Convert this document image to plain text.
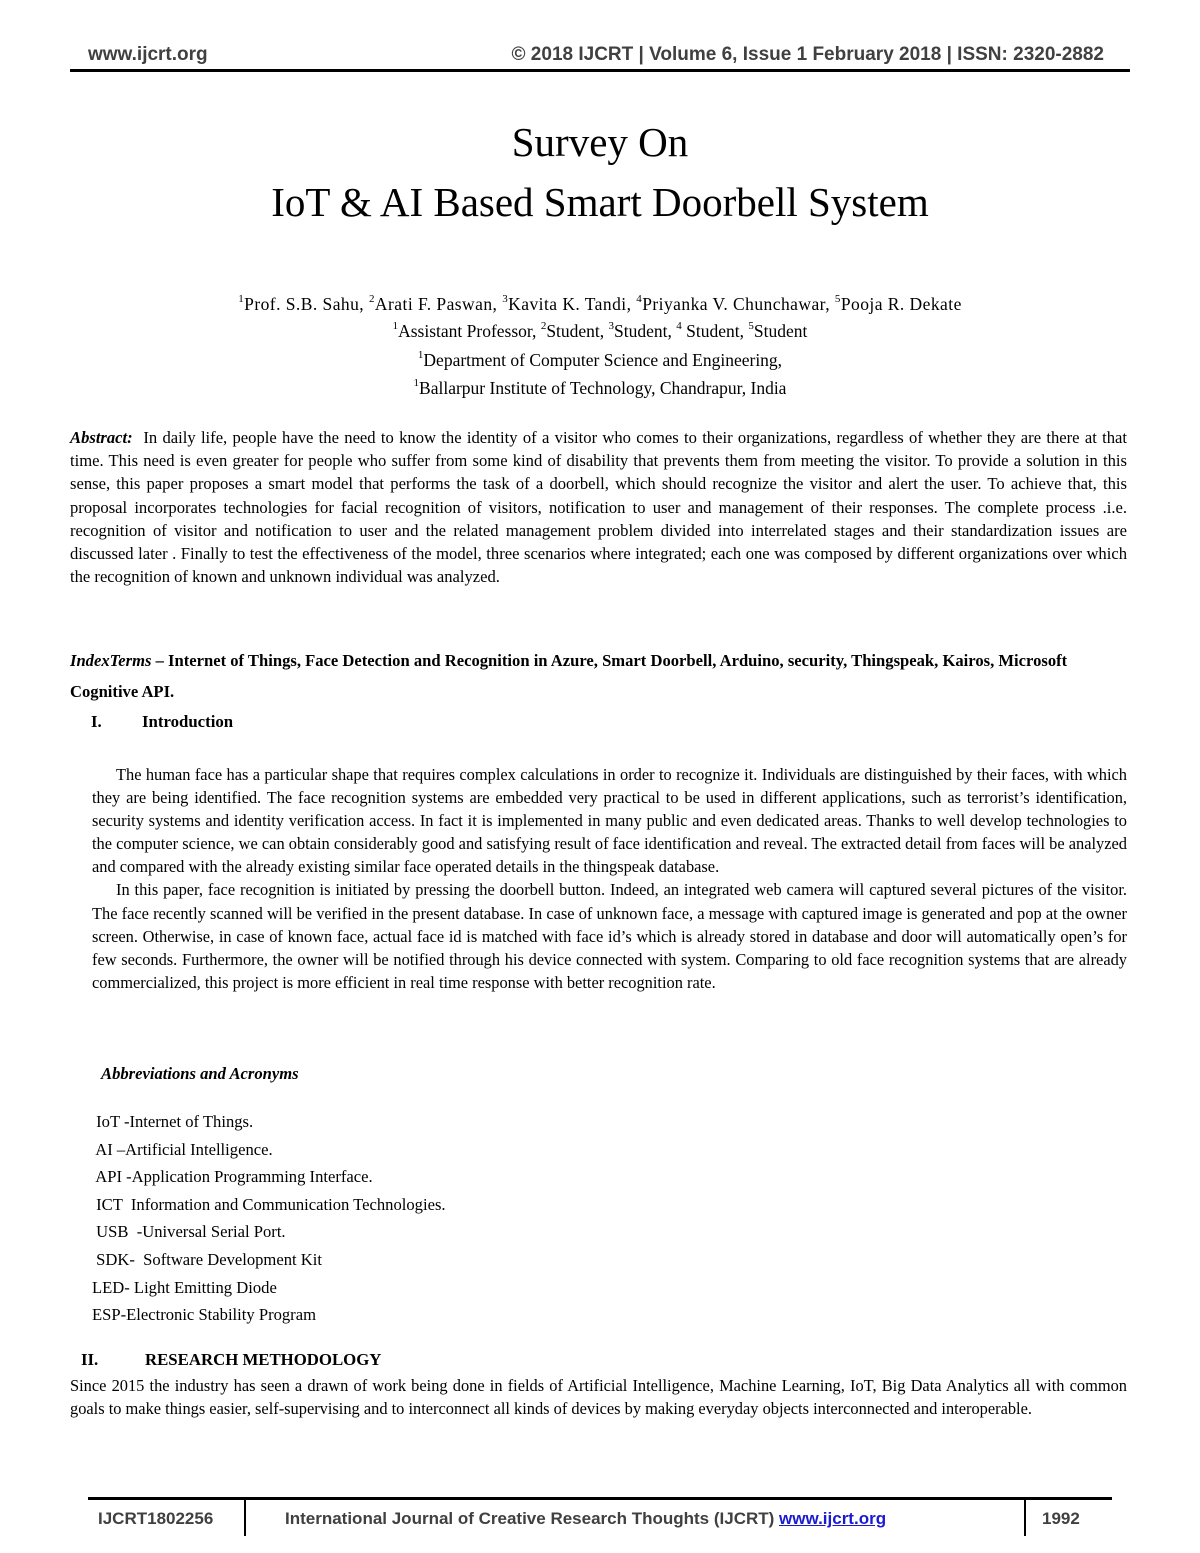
www.ijcrt.org	© 2018 IJCRT | Volume 6, Issue 1 February 2018 | ISSN: 2320-2882
Survey On
IoT & AI Based Smart Doorbell System
$^1$Prof. S.B. Sahu, $^2$Arati F. Paswan, $^3$Kavita K. Tandi, $^4$Priyanka V. Chunchawar, $^5$Pooja R. Dekate
$^1$Assistant Professor, $^2$Student, $^3$Student, $^4$ Student, $^5$Student
$^1$Department of Computer Science and Engineering,
$^1$Ballarpur Institute of Technology, Chandrapur, India
Abstract: In daily life, people have the need to know the identity of a visitor who comes to their organizations, regardless of whether they are there at that time. This need is even greater for people who suffer from some kind of disability that prevents them from meeting the visitor. To provide a solution in this sense, this paper proposes a smart model that performs the task of a doorbell, which should recognize the visitor and alert the user. To achieve that, this proposal incorporates technologies for facial recognition of visitors, notification to user and management of their responses. The complete process .i.e. recognition of visitor and notification to user and the related management problem divided into interrelated stages and their standardization issues are discussed later . Finally to test the effectiveness of the model, three scenarios where integrated; each one was composed by different organizations over which the recognition of known and unknown individual was analyzed.
IndexTerms – Internet of Things, Face Detection and Recognition in Azure, Smart Doorbell, Arduino, security, Thingspeak, Kairos, Microsoft Cognitive API.
I. Introduction

The human face has a particular shape that requires complex calculations in order to recognize it. Individuals are distinguished by their faces, with which they are being identified. The face recognition systems are embedded very practical to be used in different applications, such as terrorist’s identification, security systems and identity verification access. In fact it is implemented in many public and even dedicated areas. Thanks to well develop technologies to the computer science, we can obtain considerably good and satisfying result of face identification and reveal. The extracted detail from faces will be analyzed and compared with the already existing similar face operated details in the thingspeak database.

In this paper, face recognition is initiated by pressing the doorbell button. Indeed, an integrated web camera will captured several pictures of the visitor. The face recently scanned will be verified in the present database. In case of unknown face, a message with captured image is generated and pop at the owner screen. Otherwise, in case of known face, actual face id is matched with face id’s which is already stored in database and door will automatically open’s for few seconds. Furthermore, the owner will be notified through his device connected with system. Comparing to old face recognition systems that are already commercialized, this project is more efficient in real time response with better recognition rate.

Abbreviations and Acronyms
IoT -Internet of Things.
AI –Artificial Intelligence.
API -Application Programming Interface.
ICT  Information and Communication Technologies.
USB  -Universal Serial Port.
SDK-  Software Development Kit
LED- Light Emitting Diode
ESP-Electronic Stability Program
II.	RESEARCH METHODOLOGY
Since 2015 the industry has seen a drawn of work being done in fields of Artificial Intelligence, Machine Learning, IoT, Big Data Analytics all with common goals to make things easier, self-supervising and to interconnect all kinds of devices by making everyday objects interconnected and interoperable.
IJCRT1802256	International Journal of Creative Research Thoughts (IJCRT) www.ijcrt.org	1992
